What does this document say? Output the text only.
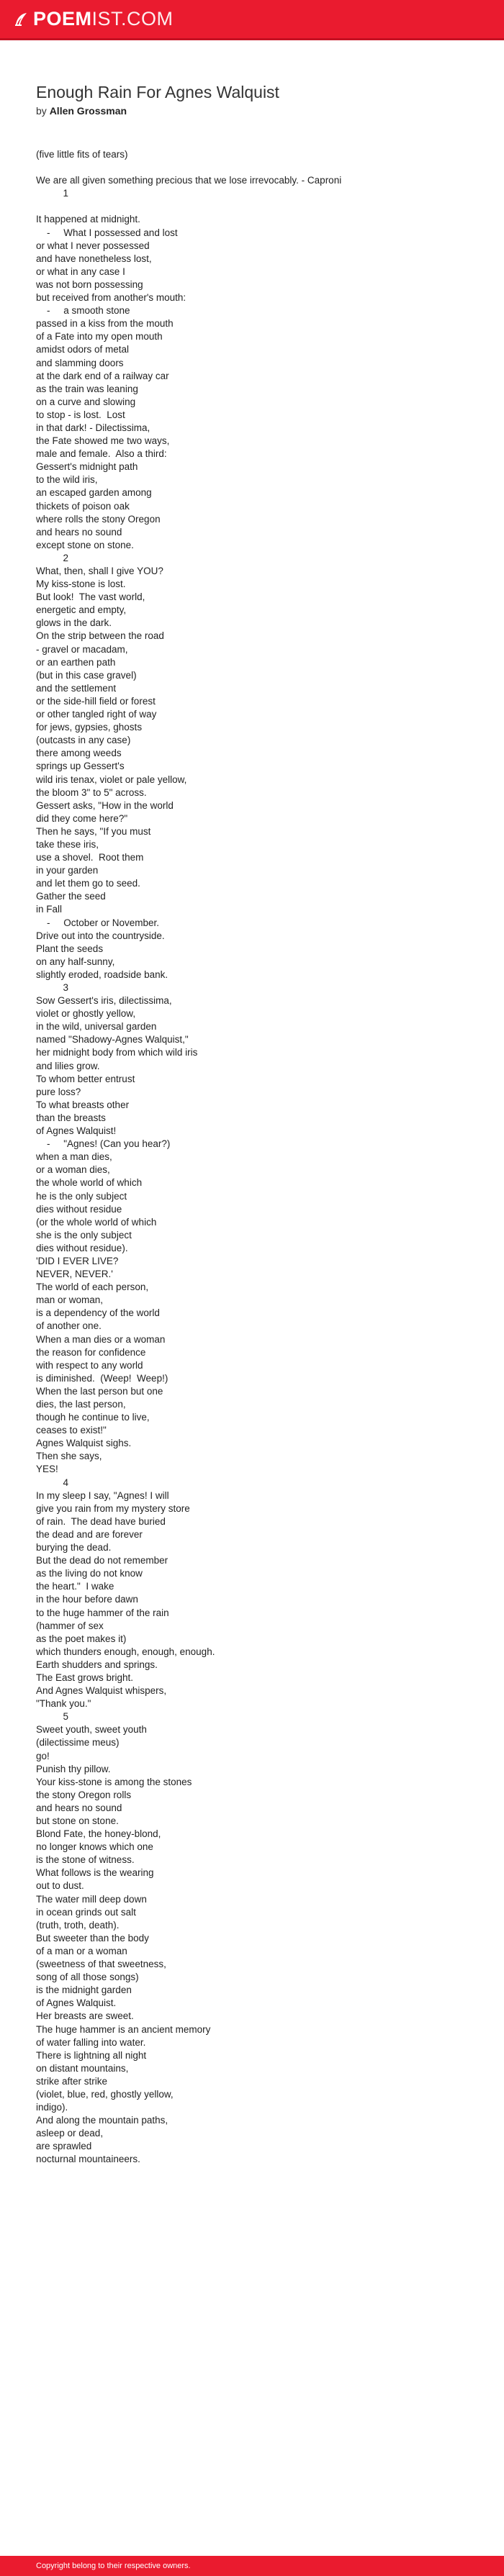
POEMIST.COM
Enough Rain For Agnes Walquist
by Allen Grossman
(five little fits of tears)
We are all given something precious that we lose irrevocably. - Caproni
1
It happened at midnight.
-     What I possessed and lost
or what I never possessed
and have nonetheless lost,
or what in any case I
was not born possessing
but received from another's mouth:
-     a smooth stone
passed in a kiss from the mouth
of a Fate into my open mouth
amidst odors of metal
and slamming doors
at the dark end of a railway car
as the train was leaning
on a curve and slowing
to stop - is lost.  Lost
in that dark! - Dilectissima,
the Fate showed me two ways,
male and female.  Also a third:
Gessert's midnight path
to the wild iris,
an escaped garden among
thickets of poison oak
where rolls the stony Oregon
and hears no sound
except stone on stone.
2
What, then, shall I give YOU?
My kiss-stone is lost.
But look!  The vast world,
energetic and empty,
glows in the dark.
On the strip between the road
- gravel or macadam,
or an earthen path
(but in this case gravel)
and the settlement
or the side-hill field or forest
or other tangled right of way
for jews, gypsies, ghosts
(outcasts in any case)
there among weeds
springs up Gessert's
wild iris tenax, violet or pale yellow,
the bloom 3" to 5" across.
Gessert asks, "How in the world
did they come here?"
Then he says, "If you must
take these iris,
use a shovel.  Root them
in your garden
and let them go to seed.
Gather the seed
in Fall
-     October or November.
Drive out into the countryside.
Plant the seeds
on any half-sunny,
slightly eroded, roadside bank.
3
Sow Gessert's iris, dilectissima,
violet or ghostly yellow,
in the wild, universal garden
named "Shadowy-Agnes Walquist,"
her midnight body from which wild iris
and lilies grow.
To whom better entrust
pure loss?
To what breasts other
than the breasts
of Agnes Walquist!
-     "Agnes! (Can you hear?)
when a man dies,
or a woman dies,
the whole world of which
he is the only subject
dies without residue
(or the whole world of which
she is the only subject
dies without residue).
'DID I EVER LIVE?
NEVER, NEVER.'
The world of each person,
man or woman,
is a dependency of the world
of another one.
When a man dies or a woman
the reason for confidence
with respect to any world
is diminished.  (Weep!  Weep!)
When the last person but one
dies, the last person,
though he continue to live,
ceases to exist!"
Agnes Walquist sighs.
Then she says,
YES!
4
In my sleep I say, "Agnes! I will
give you rain from my mystery store
of rain.  The dead have buried
the dead and are forever
burying the dead.
But the dead do not remember
as the living do not know
the heart."  I wake
in the hour before dawn
to the huge hammer of the rain
(hammer of sex
as the poet makes it)
which thunders enough, enough, enough.
Earth shudders and springs.
The East grows bright.
And Agnes Walquist whispers,
"Thank you."
5
Sweet youth, sweet youth
(dilectissime meus)
go!
Punish thy pillow.
Your kiss-stone is among the stones
the stony Oregon rolls
and hears no sound
but stone on stone.
Blond Fate, the honey-blond,
no longer knows which one
is the stone of witness.
What follows is the wearing
out to dust.
The water mill deep down
in ocean grinds out salt
(truth, troth, death).
But sweeter than the body
of a man or a woman
(sweetness of that sweetness,
song of all those songs)
is the midnight garden
of Agnes Walquist.
Her breasts are sweet.
The huge hammer is an ancient memory
of water falling into water.
There is lightning all night
on distant mountains,
strike after strike
(violet, blue, red, ghostly yellow,
indigo).
And along the mountain paths,
asleep or dead,
are sprawled
nocturnal mountaineers.
Copyright belong to their respective owners.
